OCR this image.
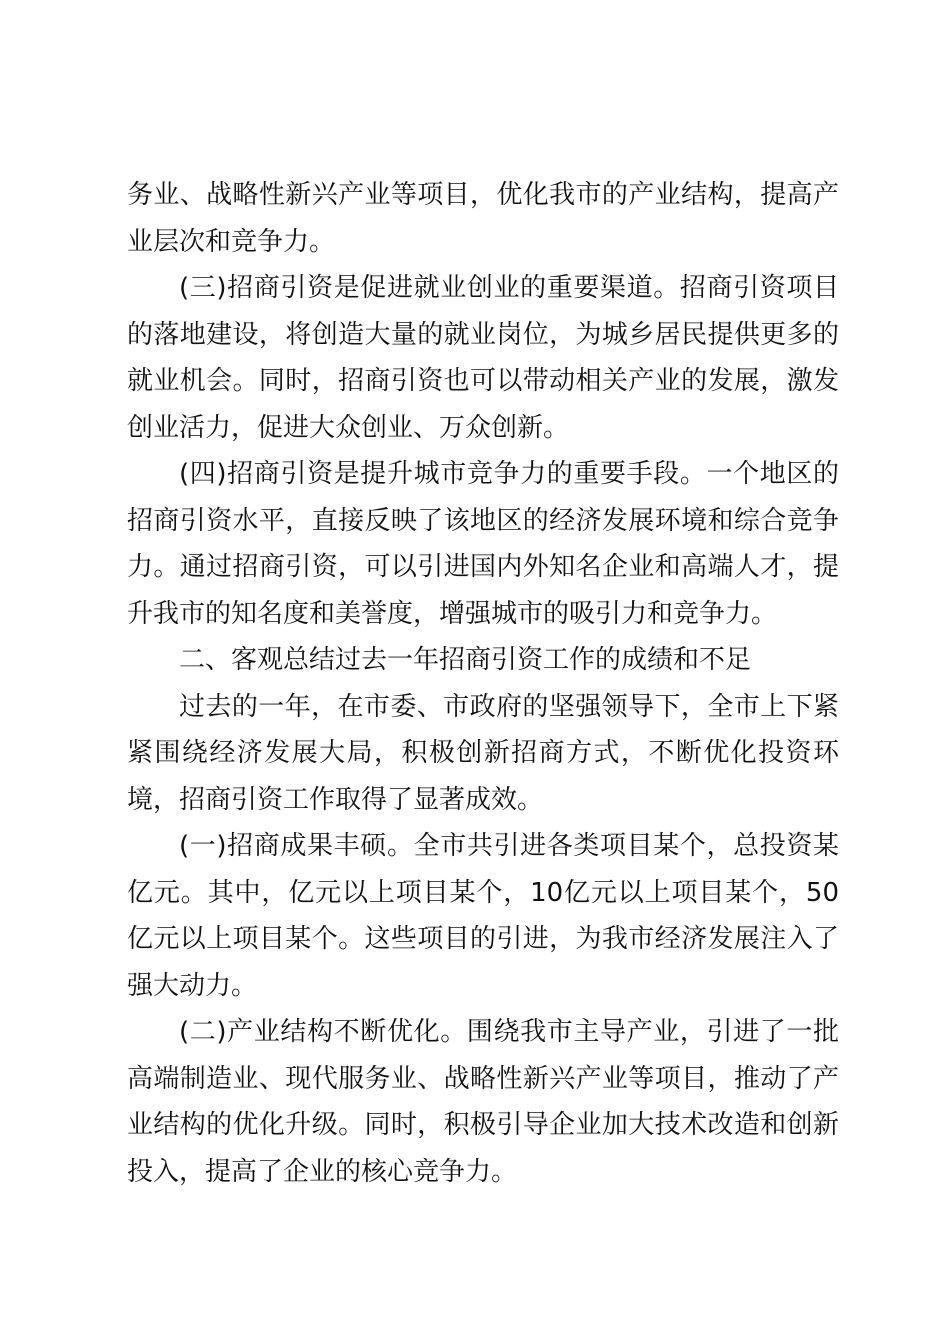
务业、战略性新兴产业等项目，优化我市的产业结构，提高产业层次和竞争力。

(三)招商引资是促进就业创业的重要渠道。招商引资项目的落地建设，将创造大量的就业岗位，为城乡居民提供更多的就业机会。同时，招商引资也可以带动相关产业的发展，激发创业活力，促进大众创业、万众创新。

(四)招商引资是提升城市竞争力的重要手段。一个地区的招商引资水平，直接反映了该地区的经济发展环境和综合竞争力。通过招商引资，可以引进国内外知名企业和高端人才，提升我市的知名度和美誉度，增强城市的吸引力和竞争力。

二、客观总结过去一年招商引资工作的成绩和不足

过去的一年，在市委、市政府的坚强领导下，全市上下紧紧围绕经济发展大局，积极创新招商方式，不断优化投资环境，招商引资工作取得了显著成效。

(一)招商成果丰硕。全市共引进各类项目某个，总投资某亿元。其中，亿元以上项目某个，10亿元以上项目某个，50亿元以上项目某个。这些项目的引进，为我市经济发展注入了强大动力。

(二)产业结构不断优化。围绕我市主导产业，引进了一批高端制造业、现代服务业、战略性新兴产业等项目，推动了产业结构的优化升级。同时，积极引导企业加大技术改造和创新投入，提高了企业的核心竞争力。
